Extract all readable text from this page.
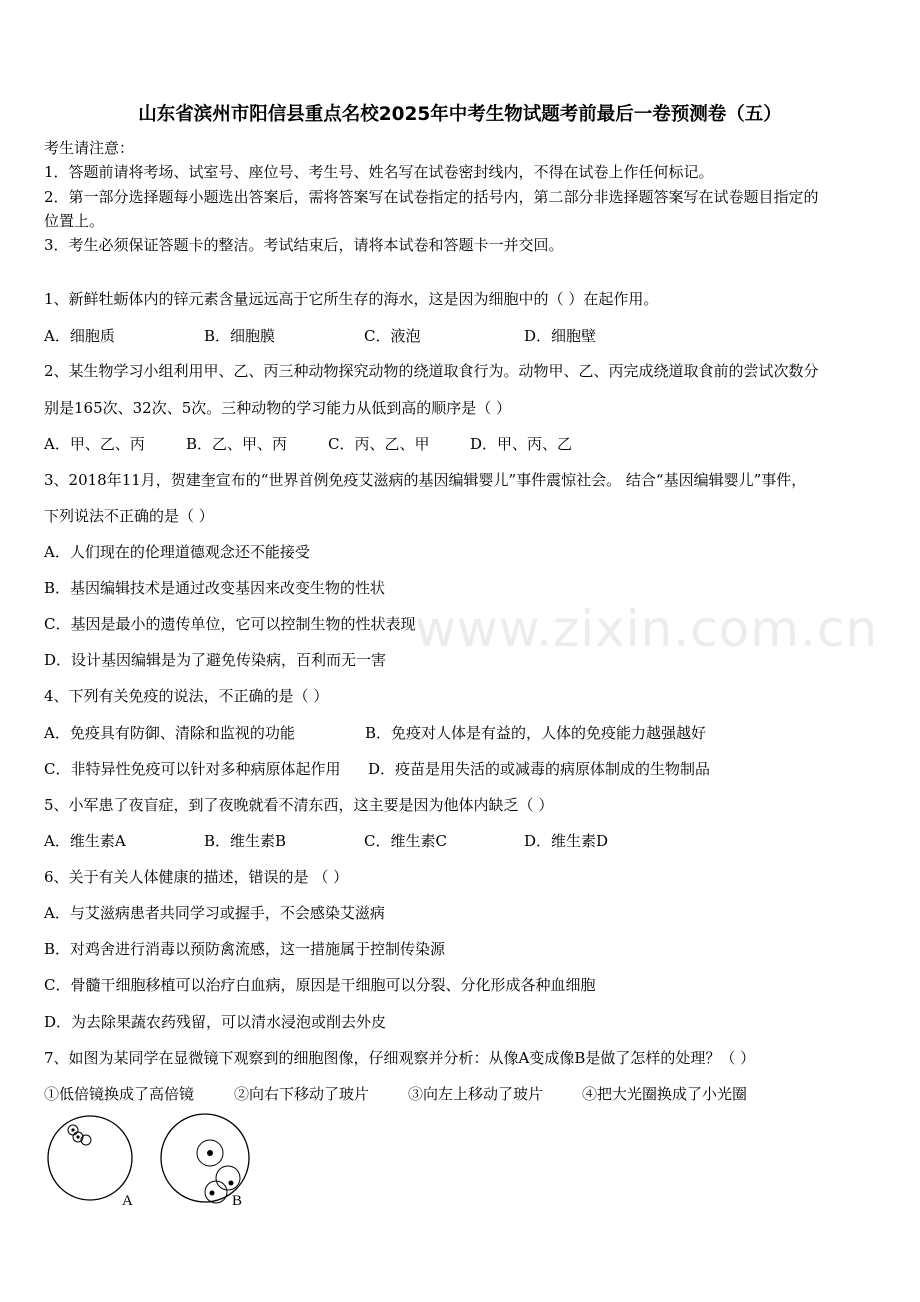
www.zixin.com.cn
山东省滨州市阳信县重点名校2025年中考生物试题考前最后一卷预测卷（五）
考生请注意：
1．答题前请将考场、试室号、座位号、考生号、姓名写在试卷密封线内，不得在试卷上作任何标记。
2．第一部分选择题每小题选出答案后，需将答案写在试卷指定的括号内，第二部分非选择题答案写在试卷题目指定的
位置上。
3．考生必须保证答题卡的整洁。考试结束后，请将本试卷和答题卡一并交回。
1、新鲜牡蛎体内的锌元素含量远远高于它所生存的海水，这是因为细胞中的（ ）在起作用。
A．细胞质	B．细胞膜	C．液泡	D．细胞壁
2、某生物学习小组利用甲、乙、丙三种动物探究动物的绕道取食行为。动物甲、乙、丙完成绕道取食前的尝试次数分
别是165次、32次、5次。三种动物的学习能力从低到高的顺序是（ ）
A．甲、乙、丙	B．乙、甲、丙	C．丙、乙、甲	D．甲、丙、乙
3、2018年11月，贺建奎宣布的“世界首例免疫艾滋病的基因编辑婴儿”事件震惊社会。 结合“基因编辑婴儿”事件，
下列说法不正确的是（ ）
A．人们现在的伦理道德观念还不能接受
B．基因编辑技术是通过改变基因来改变生物的性状
C．基因是最小的遗传单位，它可以控制生物的性状表现
D．设计基因编辑是为了避免传染病，百利而无一害
4、下列有关免疫的说法，不正确的是（ ）
A．免疫具有防御、清除和监视的功能	B．免疫对人体是有益的，人体的免疫能力越强越好
C．非特异性免疫可以针对多种病原体起作用 D．疫苗是用失活的或减毒的病原体制成的生物制品
5、小军患了夜盲症，到了夜晚就看不清东西，这主要是因为他体内缺乏（ ）
A．维生素A	B．维生素B	C．维生素C	D．维生素D
6、关于有关人体健康的描述，错误的是 （ ）
A．与艾滋病患者共同学习或握手，不会感染艾滋病
B．对鸡舍进行消毒以预防禽流感，这一措施属于控制传染源
C．骨髓干细胞移植可以治疗白血病，原因是干细胞可以分裂、分化形成各种血细胞
D．为去除果蔬农药残留，可以清水浸泡或削去外皮
7、如图为某同学在显微镜下观察到的细胞图像，仔细观察并分析：从像A变成像B是做了怎样的处理？（ ）
①低倍镜换成了高倍镜	②向右下移动了玻片	③向左上移动了玻片	④把大光圈换成了小光圈
A	B
